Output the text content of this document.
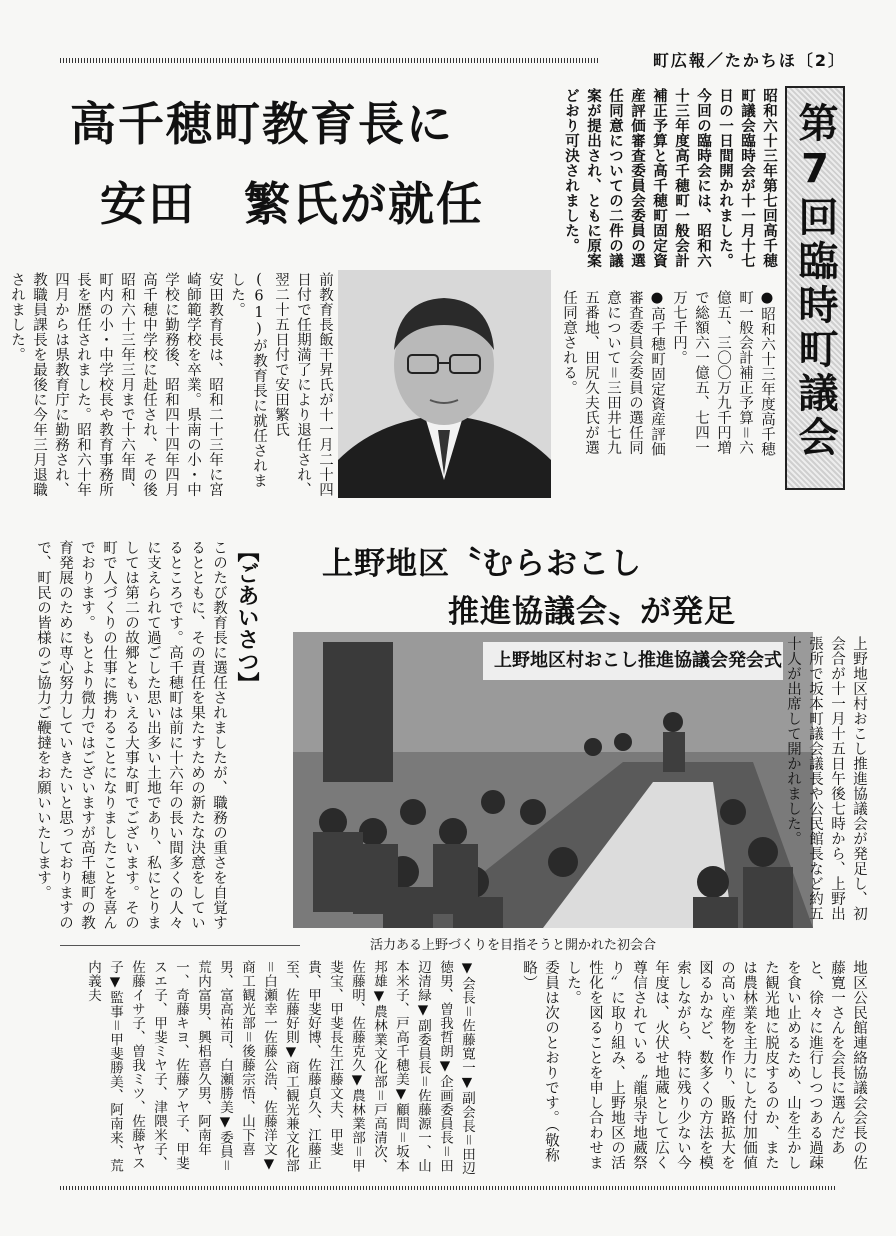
町広報／たかちほ〔2〕
高千穂町教育長に
安田　繁氏が就任	昭和六十三年第七回高千穂町議会臨時会が十一月十七日の一日間開かれました。
今回の臨時会には、昭和六十三年度高千穂町一般会計補正予算と高千穂町固定資産評価審査委員会委員の選任同意についての二件の議案が提出され、ともに原案どおり可決されました。
●昭和六十三年度高千穂町一般会計補正予算＝六億五、三〇〇万九千円増で総額六一億五、七四一万七千円。
●高千穂町固定資産評価審査委員会委員の選任同意について＝三田井七九五番地、田尻久夫氏が選任同意される。	第7回臨時町議会
前教育長飯干昇氏が十一月二十四日付で任期満了により退任され、翌二十五日付で安田繁氏(61)が教育長に就任されました。
安田教育長は、昭和二十三年に宮崎師範学校を卒業。県南の小・中学校に勤務後、昭和四十四年四月高千穂中学校に赴任され、その後昭和六十三年三月まで十六年間、町内の小・中学校長や教育事務所長を歴任されました。昭和六十年四月からは県教育庁に勤務され、教職員課長を最後に今年三月退職されました。
【ごあいさつ】
このたび教育長に選任されましたが、職務の重さを自覚するとともに、その責任を果たすための新たな決意をしているところです。高千穂町は前に十六年の長い間多くの人々に支えられて過ごした思い出多い土地であり、私にとりましては第二の故郷ともいえる大事な町でございます。その町で人づくりの仕事に携わることになりましたことを喜んでおります。もとより微力ではございますが高千穂町の教育発展のために専心努力していきたいと思っておりますので、町民の皆様のご協力ご鞭撻をお願いいたします。	上野地区〝むらおこし
推進協議会〟が発足
上野地区村おこし推進協議会発会式
活力ある上野づくりを目指そうと開かれた初会合
上野地区村おこし推進協議会が発足し、初会合が十一月十五日午後七時から、上野出張所で坂本町議会議長や公民館長など約五十人が出席して開かれました。
地区公民館連絡協議会会長の佐藤寛一さんを会長に選んだあと、徐々に進行しつつある過疎を食い止めるため、山を生かした観光地に脱皮するのか、または農林業を主力にした付加価値の高い産物を作り、販路拡大を図るかなど、数多くの方法を模索しながら、特に残り少ない今年度は、火伏せ地蔵として広く尊信されている〝龍泉寺地蔵祭り〟に取り組み、上野地区の活性化を図ることを申し合わせました。
委員は次のとおりです。（敬称略）
▼会長＝佐藤寛一▼副会長＝田辺徳男、曽我哲朗▼企画委員長＝田辺清緑▼副委員長＝佐藤源一、山本米子、戸高千穂美▼顧問＝坂本邦雄▼農林業文化部＝戸高清次、佐藤明、佐藤克久▼農林業部＝甲斐宝、甲斐長生江藤文夫、甲斐貴、甲斐好博、佐藤貞久、江藤正至、佐藤好則▼商工観光兼文化部＝白瀬幸一佐藤公浩、佐藤洋文▼商工観光部＝後藤宗悟、山下喜男、富高祐司、白瀬勝美▼委員＝荒内富男、興梠喜久男、阿南年一、奇藤キヨ、佐藤アヤ子、甲斐スエ子、甲斐ミヤ子、津隈米子、佐藤イサ子、曽我ミツ、佐藤ヤス子▼監事＝甲斐勝美、阿南来、荒内義夫
